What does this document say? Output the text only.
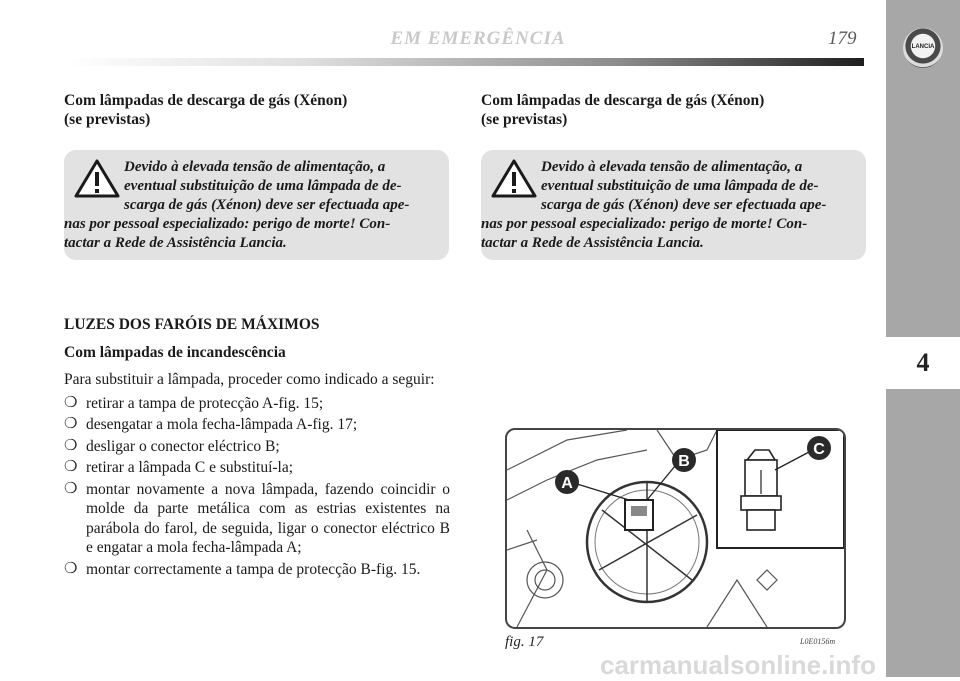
EM EMERGÊNCIA	179	LANCIA
4
Com lâmpadas de descarga de gás (Xénon)
(se previstas)
Devido à elevada tensão de alimentação, a
eventual substituição de uma lâmpada de de-
scarga de gás (Xénon) deve ser efectuada ape-
nas por pessoal especializado: perigo de morte! Con-
tactar a Rede de Assistência Lancia.

LUZES DOS FARÓIS DE MÁXIMOS

Com lâmpadas de incandescência

Para substituir a lâmpada, proceder como indicado a seguir:

❍ retirar a tampa de protecção A-fig. 15;
❍ desengatar a mola fecha-lâmpada A-fig. 17;
❍ desligar o conector eléctrico B;
❍ retirar a lâmpada C e substituí-la;
❍ montar novamente a nova lâmpada, fazendo coincidir o molde da parte metálica com as estrias existentes na parábola do farol, de seguida, ligar o conector eléctrico B e engatar a mola fecha-lâmpada A;
❍ montar correctamente a tampa de protecção B-fig. 15.
Com lâmpadas de descarga de gás (Xénon)
(se previstas)
Devido à elevada tensão de alimentação, a
eventual substituição de uma lâmpada de de-
scarga de gás (Xénon) deve ser efectuada ape-
nas por pessoal especializado: perigo de morte! Con-
tactar a Rede de Assistência Lancia.
A
B
C
fig. 17	L0E0156m
carmanualsonline.info
